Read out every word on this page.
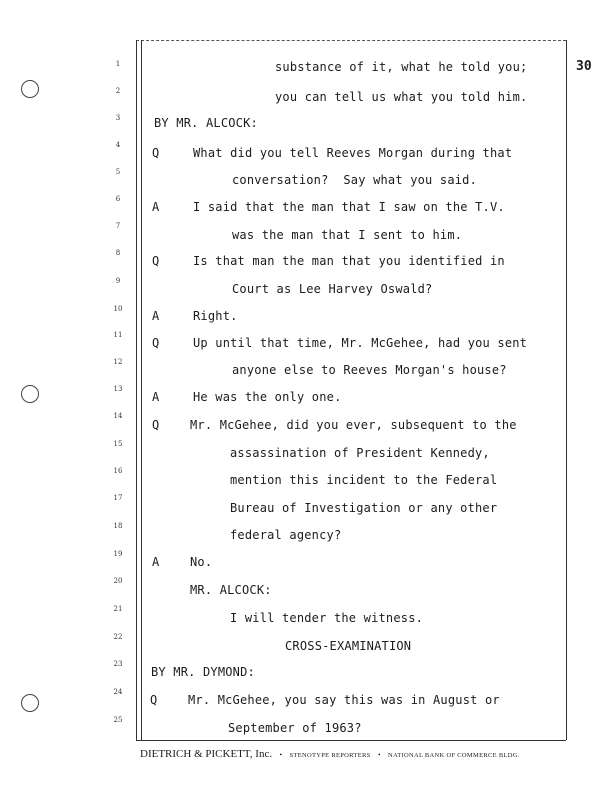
30
1
2
3
4
5
6
7
8
9
10
11
12
13
14
15
16
17
18
19
20
21
22
23
24
25
Q
A
Q
A
Q
A
Q
A
Q
substance of it, what he told you;
you can tell us what you told him.
BY MR. ALCOCK:
What did you tell Reeves Morgan during that
conversation?  Say what you said.
I said that the man that I saw on the T.V.
was the man that I sent to him.
Is that man the man that you identified in
Court as Lee Harvey Oswald?
Right.
Up until that time, Mr. McGehee, had you sent
anyone else to Reeves Morgan's house?
He was the only one.
Mr. McGehee, did you ever, subsequent to the
assassination of President Kennedy,
mention this incident to the Federal
Bureau of Investigation or any other
federal agency?
No.
MR. ALCOCK:
I will tender the witness.
CROSS-EXAMINATION
BY MR. DYMOND:
Mr. McGehee, you say this was in August or
September of 1963?
DIETRICH & PICKETT, Inc. • STENOTYPE REPORTERS • NATIONAL BANK OF COMMERCE BLDG.
